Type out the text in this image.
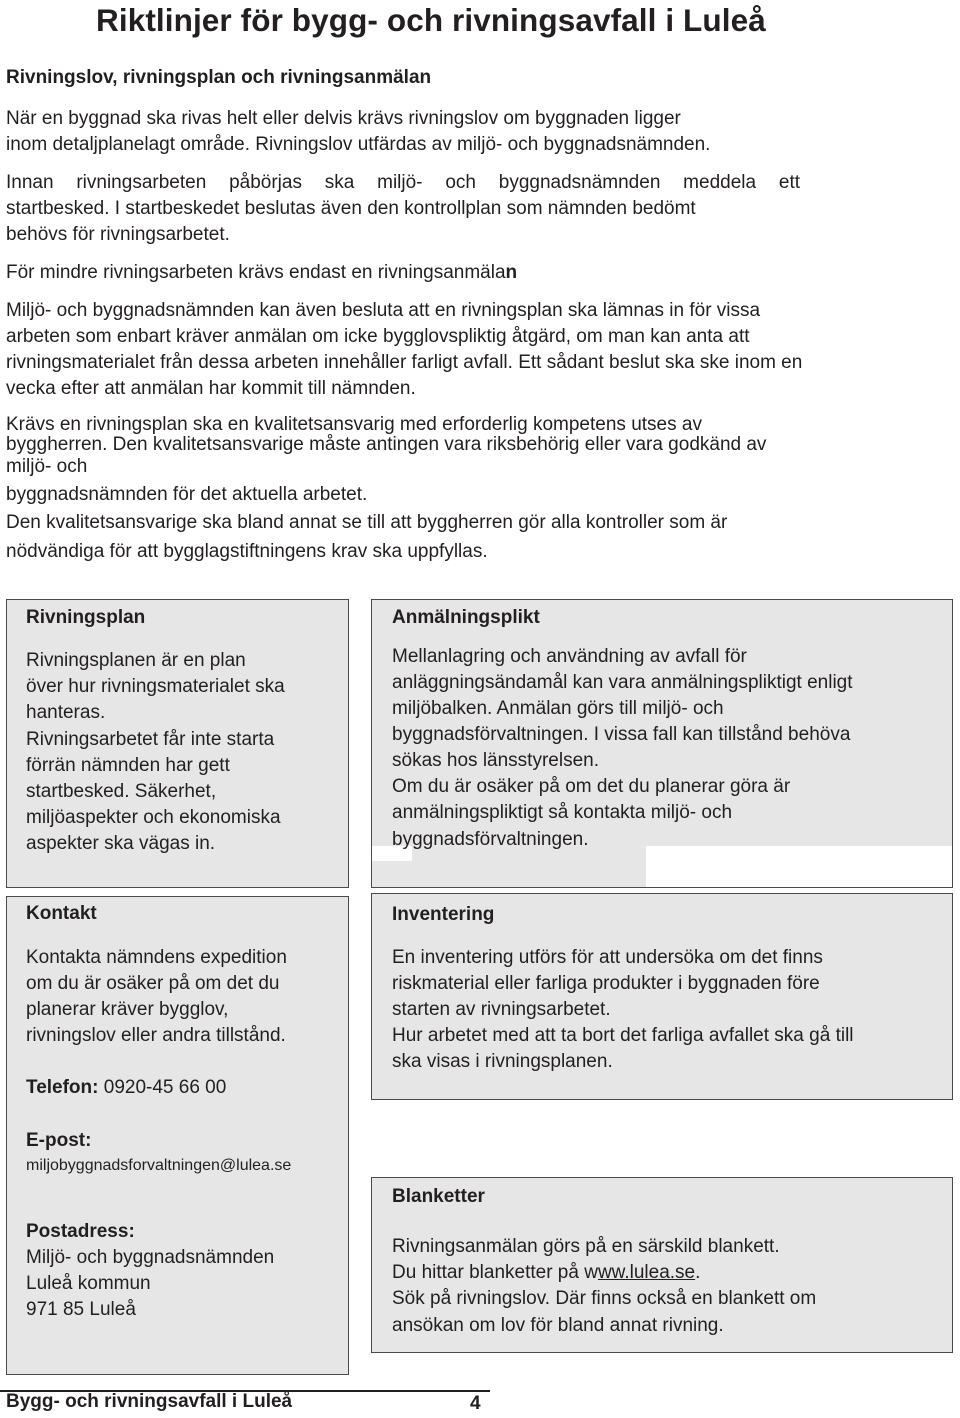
Riktlinjer för bygg- och rivningsavfall i Luleå
Rivningslov, rivningsplan och rivningsanmälan
När en byggnad ska rivas helt eller delvis krävs rivningslov om byggnaden ligger
inom detaljplanelagt område. Rivningslov utfärdas av miljö- och byggnadsnämnden.
Innan rivningsarbeten påbörjas ska miljö- och byggnadsnämnden meddela ett
startbesked. I startbeskedet beslutas även den kontrollplan som nämnden bedömt
behövs för rivningsarbetet.
För mindre rivningsarbeten krävs endast en rivningsanmälan
Miljö- och byggnadsnämnden kan även besluta att en rivningsplan ska lämnas in för vissa
arbeten som enbart kräver anmälan om icke bygglovspliktig åtgärd, om man kan anta att
rivningsmaterialet från dessa arbeten innehåller farligt avfall. Ett sådant beslut ska ske inom en
vecka efter att anmälan har kommit till nämnden.
Krävs en rivningsplan ska en kvalitetsansvarig med erforderlig kompetens utses av
byggherren. Den kvalitetsansvarige måste antingen vara riksbehörig eller vara godkänd av
miljö- och
byggnadsnämnden för det aktuella arbetet.
Den kvalitetsansvarige ska bland annat se till att byggherren gör alla kontroller som är
nödvändiga för att bygglagstiftningens krav ska uppfyllas.
Rivningsplan
Rivningsplanen är en plan
över hur rivningsmaterialet ska
hanteras.
Rivningsarbetet får inte starta
förrän nämnden har gett
startbesked. Säkerhet,
miljöaspekter och ekonomiska
aspekter ska vägas in.
Anmälningsplikt
Mellanlagring och användning av avfall för
anläggningsändamål kan vara anmälningspliktigt enligt
miljöbalken. Anmälan görs till miljö- och
byggnadsförvaltningen. I vissa fall kan tillstånd behöva
sökas hos länsstyrelsen.
Om du är osäker på om det du planerar göra är
anmälningspliktigt så kontakta miljö- och
byggnadsförvaltningen.
Kontakt
Kontakta nämndens expedition
om du är osäker på om det du
planerar kräver bygglov,
rivningslov eller andra tillstånd.
Telefon: 0920-45 66 00
E-post:
miljobyggnadsforvaltningen@lulea.se
Postadress:
Miljö- och byggnadsnämnden
Luleå kommun
971 85 Luleå
Inventering
En inventering utförs för att undersöka om det finns
riskmaterial eller farliga produkter i byggnaden före
starten av rivningsarbetet.
Hur arbetet med att ta bort det farliga avfallet ska gå till
ska visas i rivningsplanen.
Blanketter
Rivningsanmälan görs på en särskild blankett.
Du hittar blanketter på www.lulea.se.
Sök på rivningslov. Där finns också en blankett om
ansökan om lov för bland annat rivning.
Bygg- och rivningsavfall i Luleå	4
